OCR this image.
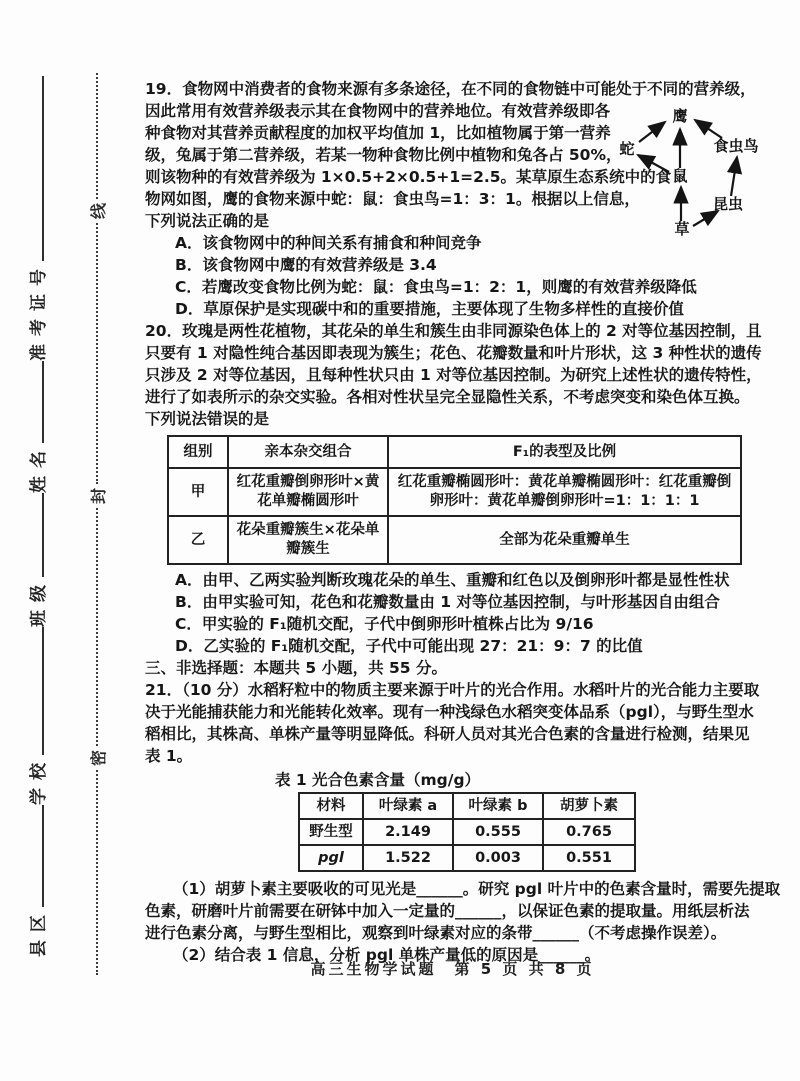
县区
学校
班级
姓名
准考证号
密
封
线
鹰
蛇	食虫鸟
鼠
昆虫
草
19．食物网中消费者的食物来源有多条途径，在不同的食物链中可能处于不同的营养级，
因此常用有效营养级表示其在食物网中的营养地位。有效营养级即各
种食物对其营养贡献程度的加权平均值加 1，比如植物属于第一营养
级，兔属于第二营养级，若某一物种食物比例中植物和兔各占 50%，
则该物种的有效营养级为 1×0.5+2×0.5+1=2.5。某草原生态系统中的食
物网如图，鹰的食物来源中蛇：鼠：食虫鸟=1：3：1。根据以上信息，
下列说法正确的是
A．该食物网中的种间关系有捕食和种间竞争
B．该食物网中鹰的有效营养级是 3.4
C．若鹰改变食物比例为蛇：鼠：食虫鸟=1：2：1，则鹰的有效营养级降低
D．草原保护是实现碳中和的重要措施，主要体现了生物多样性的直接价值
20．玫瑰是两性花植物，其花朵的单生和簇生由非同源染色体上的 2 对等位基因控制，且
只要有 1 对隐性纯合基因即表现为簇生；花色、花瓣数量和叶片形状，这 3 种性状的遗传
只涉及 2 对等位基因，且每种性状只由 1 对等位基因控制。为研究上述性状的遗传特性，
进行了如表所示的杂交实验。各相对性状呈完全显隐性关系，不考虑突变和染色体互换。
下列说法错误的是
组别	亲本杂交组合	F₁的表型及比例
甲	红花重瓣倒卵形叶×黄花单瓣椭圆形叶	红花重瓣椭圆形叶：黄花单瓣椭圆形叶：红花重瓣倒卵形叶：黄花单瓣倒卵形叶=1：1：1：1
乙	花朵重瓣簇生×花朵单瓣簇生	全部为花朵重瓣单生
A．由甲、乙两实验判断玫瑰花朵的单生、重瓣和红色以及倒卵形叶都是显性性状
B．由甲实验可知，花色和花瓣数量由 1 对等位基因控制，与叶形基因自由组合
C．甲实验的 F₁随机交配，子代中倒卵形叶植株占比为 9/16
D．乙实验的 F₁随机交配，子代中可能出现 27：21：9：7 的比值
三、非选择题：本题共 5 小题，共 55 分。
21．（10 分）水稻籽粒中的物质主要来源于叶片的光合作用。水稻叶片的光合能力主要取
决于光能捕获能力和光能转化效率。现有一种浅绿色水稻突变体品系（pgl），与野生型水
稻相比，其株高、单株产量等明显降低。科研人员对其光合色素的含量进行检测，结果见
表 1。
表 1 光合色素含量（mg/g）
材料	叶绿素 a	叶绿素 b	胡萝卜素
野生型	2.149	0.555	0.765
pgl	1.522	0.003	0.551
（1）胡萝卜素主要吸收的可见光是______。研究 pgl 叶片中的色素含量时，需要先提取
色素，研磨叶片前需要在研钵中加入一定量的______，以保证色素的提取量。用纸层析法
进行色素分离，与野生型相比，观察到叶绿素对应的条带______（不考虑操作误差）。
（2）结合表 1 信息，分析 pgl 单株产量低的原因是______。
高三生物学试题　第 5 页 共 8 页
